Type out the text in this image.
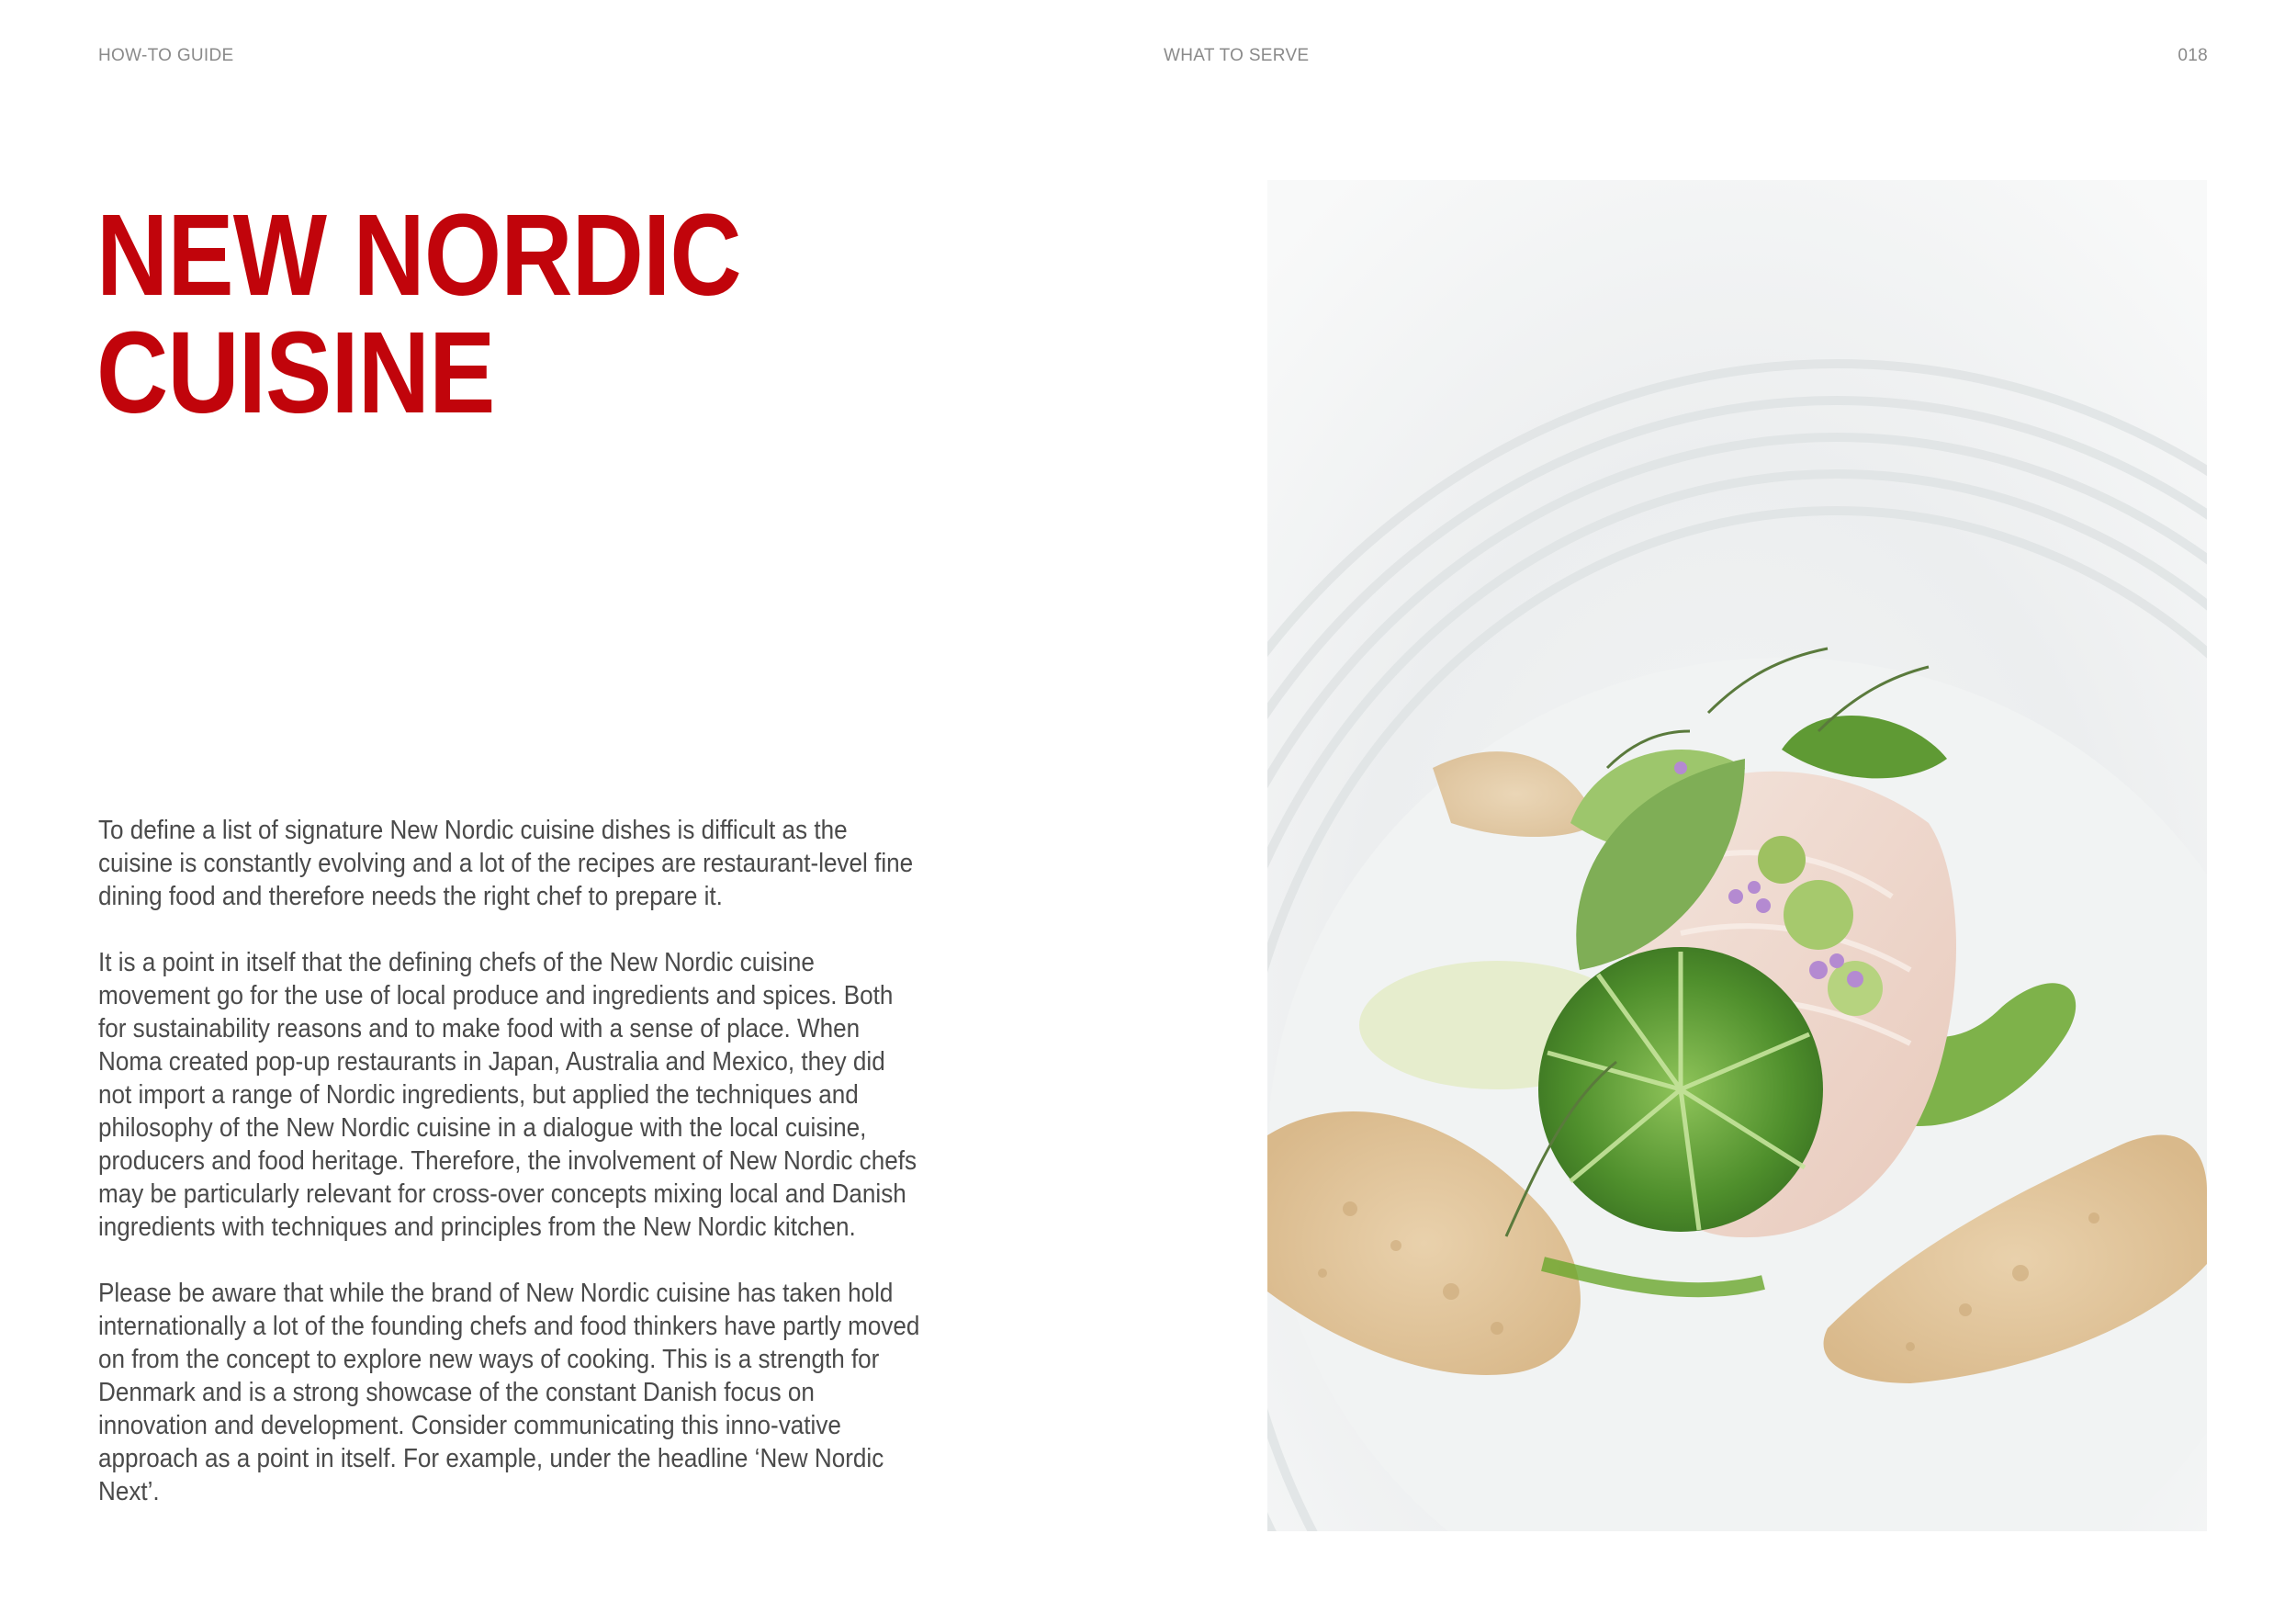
HOW-TO GUIDE	WHAT TO SERVE	018
NEW NORDIC
CUISINE

To define a list of signature New Nordic cuisine dishes is difficult as the cuisine is constantly evolving and a lot of the recipes are restaurant-level fine dining food and therefore needs the right chef to prepare it.

It is a point in itself that the defining chefs of the New Nordic cuisine movement go for the use of local produce and ingredients and spices. Both for sustainability reasons and to make food with a sense of place. When Noma created pop-up restaurants in Japan, Australia and Mexico, they did not import a range of Nordic ingredients, but applied the techniques and philosophy of the New Nordic cuisine in a dialogue with the local cuisine, producers and food heritage. Therefore, the involvement of New Nordic chefs may be particularly relevant for cross-over concepts mixing local and Danish ingredients with techniques and principles from the New Nordic kitchen.

Please be aware that while the brand of New Nordic cuisine has taken hold internationally a lot of the founding chefs and food thinkers have partly moved on from the concept to explore new ways of cooking. This is a strength for Denmark and is a strong showcase of the constant Danish focus on innovation and development. Consider communicating this inno-vative approach as a point in itself. For example, under the headline ‘New Nordic Next’.
